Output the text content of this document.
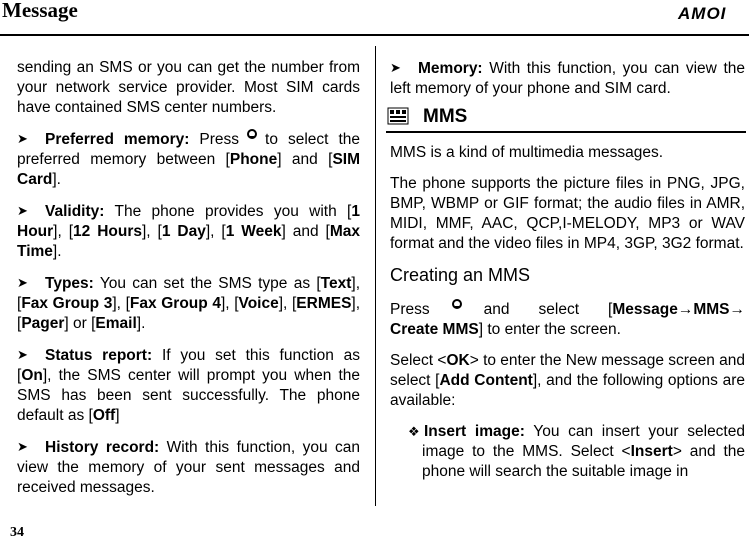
Message	AMOI

sending an SMS or you can get the number from your network service provider. Most SIM cards have contained SMS center numbers.

➤ Preferred memory: Press to select the preferred memory between [Phone] and [SIM Card].

➤ Validity: The phone provides you with [1 Hour], [12 Hours], [1 Day], [1 Week] and [Max Time].

➤ Types: You can set the SMS type as [Text], [Fax Group 3], [Fax Group 4], [Voice], [ERMES], [Pager] or [Email].

➤ Status report: If you set this function as [On], the SMS center will prompt you when the SMS has been sent successfully. The phone default as [Off]

➤ History record: With this function, you can view the memory of your sent messages and received messages.

➤ Memory: With this function, you can view the left memory of your phone and SIM card.

MMS

MMS is a kind of multimedia messages.

The phone supports the picture files in PNG, JPG, BMP, WBMP or GIF format; the audio files in AMR, MIDI, MMF, AAC, QCP,I-MELODY, MP3 or WAV format and the video files in MP4, 3GP, 3G2 format.

Creating an MMS

Press	and select [Message→MMS→ Create MMS] to enter the screen.

Select <OK> to enter the New message screen and select [Add Content], and the following options are available:

❖ Insert image: You can insert your selected image to the MMS. Select <Insert> and the phone will search the suitable image in

34
